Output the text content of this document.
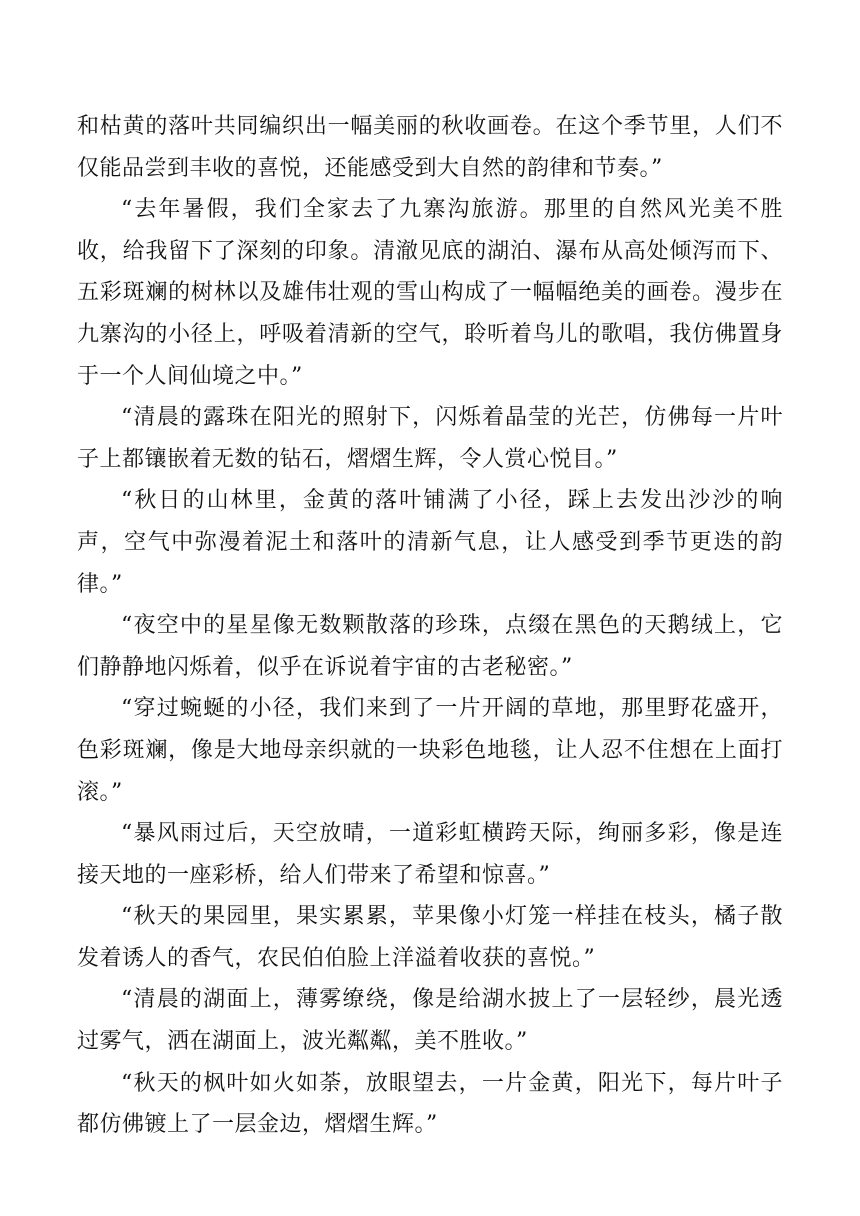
和枯黄的落叶共同编织出一幅美丽的秋收画卷。在这个季节里，人们不仅能品尝到丰收的喜悦，还能感受到大自然的韵律和节奏。”

“去年暑假，我们全家去了九寨沟旅游。那里的自然风光美不胜收，给我留下了深刻的印象。清澈见底的湖泊、瀑布从高处倾泻而下、五彩斑斓的树林以及雄伟壮观的雪山构成了一幅幅绝美的画卷。漫步在九寨沟的小径上，呼吸着清新的空气，聆听着鸟儿的歌唱，我仿佛置身于一个人间仙境之中。”

“清晨的露珠在阳光的照射下，闪烁着晶莹的光芒，仿佛每一片叶子上都镶嵌着无数的钻石，熠熠生辉，令人赏心悦目。”

“秋日的山林里，金黄的落叶铺满了小径，踩上去发出沙沙的响声，空气中弥漫着泥土和落叶的清新气息，让人感受到季节更迭的韵律。”

“夜空中的星星像无数颗散落的珍珠，点缀在黑色的天鹅绒上，它们静静地闪烁着，似乎在诉说着宇宙的古老秘密。”

“穿过蜿蜒的小径，我们来到了一片开阔的草地，那里野花盛开，色彩斑斓，像是大地母亲织就的一块彩色地毯，让人忍不住想在上面打滚。”

“暴风雨过后，天空放晴，一道彩虹横跨天际，绚丽多彩，像是连接天地的一座彩桥，给人们带来了希望和惊喜。”

“秋天的果园里，果实累累，苹果像小灯笼一样挂在枝头，橘子散发着诱人的香气，农民伯伯脸上洋溢着收获的喜悦。”

“清晨的湖面上，薄雾缭绕，像是给湖水披上了一层轻纱，晨光透过雾气，洒在湖面上，波光粼粼，美不胜收。”

“秋天的枫叶如火如荼，放眼望去，一片金黄，阳光下，每片叶子都仿佛镀上了一层金边，熠熠生辉。”
